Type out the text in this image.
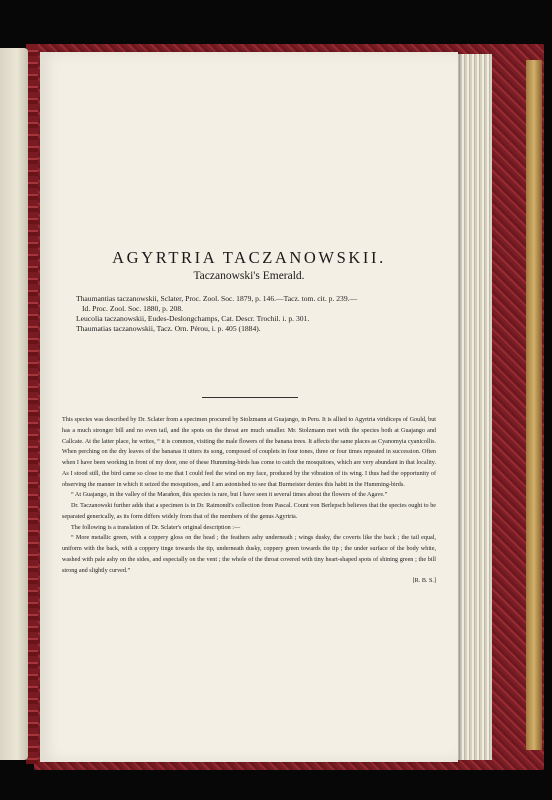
AGYRTRIA TACZANOWSKII.
Taczanowski's Emerald.
Thaumantias taczanowskii, Sclater, Proc. Zool. Soc. 1879, p. 146.—Tacz. tom. cit. p. 239.—
Id. Proc. Zool. Soc. 1880, p. 208.
Leucolia taczanowskii, Eudes-Deslongchamps, Cat. Descr. Trochil. i. p. 301.
Thaumatias taczanowskii, Tacz. Orn. Pérou, i. p. 405 (1884).

This species was described by Dr. Sclater from a specimen procured by Stolzmann at Guajango, in Peru. It is allied to Agyrtria viridiceps of Gould, but has a much stronger bill and no even tail, and the spots on the throat are much smaller. Mr. Stolzmann met with the species both at Guajango and Callcate. At the latter place, he writes, “ it is common, visiting the male flowers of the banana trees. It affects the same places as Cyanomyia cyanicollis. When perching on the dry leaves of the bananas it utters its song, composed of couplets in four tones, three or four times repeated in succession. Often when I have been working in front of my door, one of these Humming-birds has come to catch the mosquitoes, which are very abundant in that locality. As I stood still, the bird came so close to me that I could feel the wind on my face, produced by the vibration of its wing. I thus had the opportunity of observing the manner in which it seized the mosquitoes, and I am astonished to see that Burmeister denies this habit in the Humming-birds.

“ At Guajango, in the valley of the Marañon, this species is rare, but I have seen it several times about the flowers of the Agave.”

Dr. Taczanowski further adds that a specimen is in Dr. Raimondi's collection from Pascal. Count von Berlepsch believes that the species ought to be separated generically, as its form differs widely from that of the members of the genus Agyrtria.

The following is a translation of Dr. Sclater's original description :—

“ More metallic green, with a coppery gloss on the head ; the feathers ashy underneath ; wings dusky, the coverts like the back ; the tail equal, uniform with the back, with a coppery tinge towards the tip, underneath dusky, coppery green towards the tip ; the under surface of the body white, washed with pale ashy on the sides, and especially on the vent ; the whole of the throat covered with tiny heart-shaped spots of shining green ; the bill strong and slightly curved.”

[R. B. S.]
